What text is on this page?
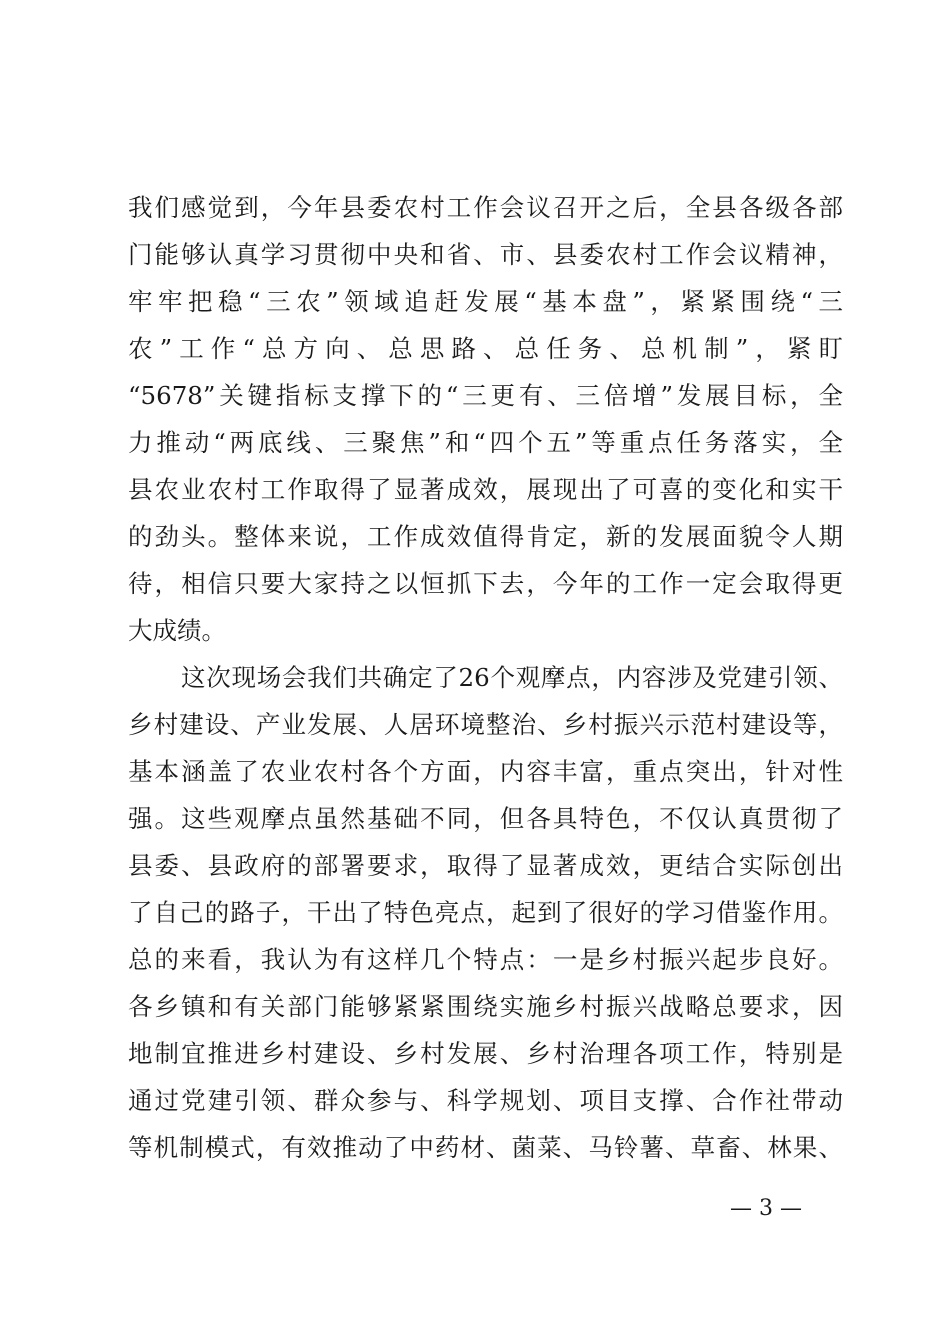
我们感觉到，今年县委农村工作会议召开之后，全县各级各部
门能够认真学习贯彻中央和省、市、县委农村工作会议精神，
牢牢把稳“三农”领域追赶发展“基本盘”，紧紧围绕“三
农”工作“总方向、总思路、总任务、总机制”，紧盯
“5678”关键指标支撑下的“三更有、三倍增”发展目标，全
力推动“两底线、三聚焦”和“四个五”等重点任务落实，全
县农业农村工作取得了显著成效，展现出了可喜的变化和实干
的劲头。整体来说，工作成效值得肯定，新的发展面貌令人期
待，相信只要大家持之以恒抓下去，今年的工作一定会取得更
大成绩。
这次现场会我们共确定了26个观摩点，内容涉及党建引领、
乡村建设、产业发展、人居环境整治、乡村振兴示范村建设等，
基本涵盖了农业农村各个方面，内容丰富，重点突出，针对性
强。这些观摩点虽然基础不同，但各具特色，不仅认真贯彻了
县委、县政府的部署要求，取得了显著成效，更结合实际创出
了自己的路子，干出了特色亮点，起到了很好的学习借鉴作用。
总的来看，我认为有这样几个特点：一是乡村振兴起步良好。
各乡镇和有关部门能够紧紧围绕实施乡村振兴战略总要求，因
地制宜推进乡村建设、乡村发展、乡村治理各项工作，特别是
通过党建引领、群众参与、科学规划、项目支撑、合作社带动
等机制模式，有效推动了中药材、菌菜、马铃薯、草畜、林果、
— 3 —
